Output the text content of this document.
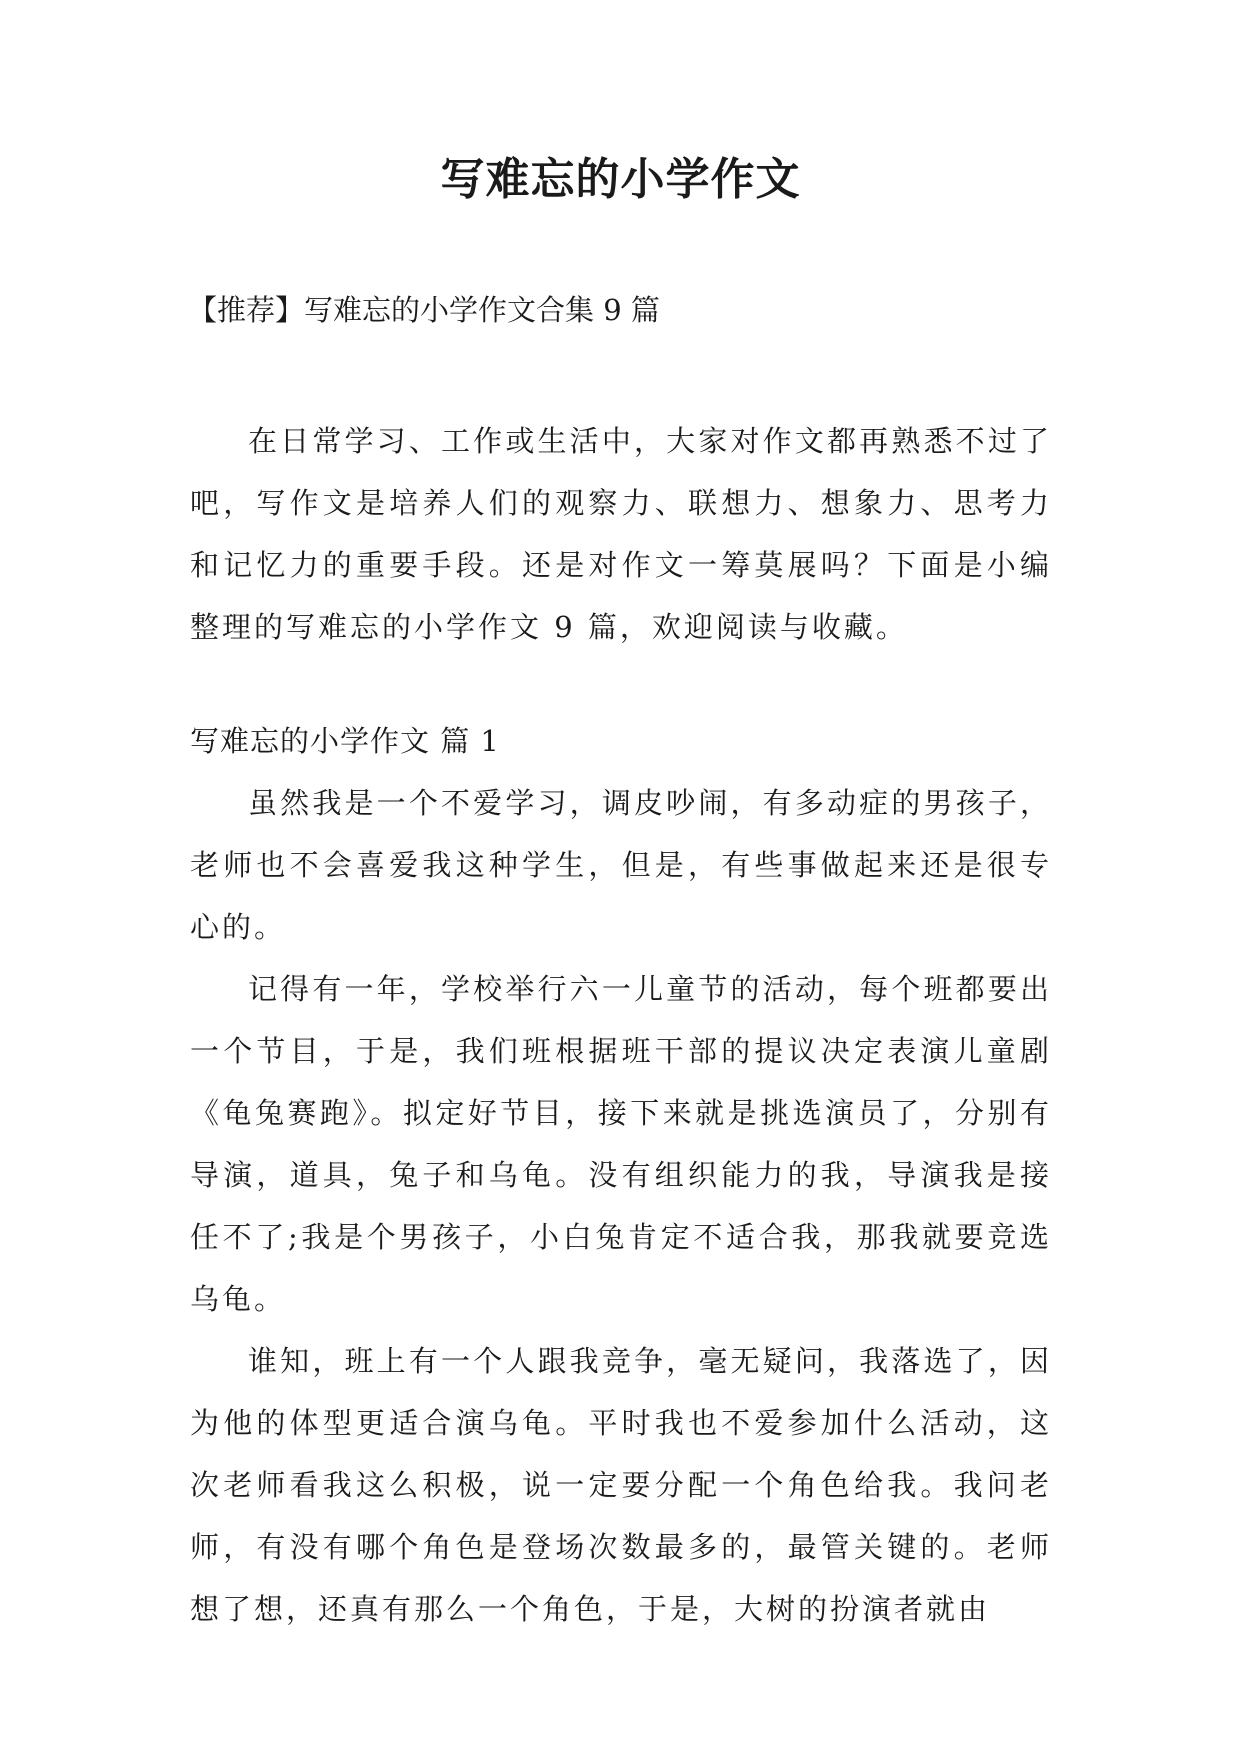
写难忘的小学作文

【推荐】写难忘的小学作文合集 9 篇

在日常学习、工作或生活中，大家对作文都再熟悉不过了吧，写作文是培养人们的观察力、联想力、想象力、思考力和记忆力的重要手段。还是对作文一筹莫展吗？下面是小编整理的写难忘的小学作文 9 篇，欢迎阅读与收藏。

写难忘的小学作文 篇 1

虽然我是一个不爱学习，调皮吵闹，有多动症的男孩子，老师也不会喜爱我这种学生，但是，有些事做起来还是很专心的。

记得有一年，学校举行六一儿童节的活动，每个班都要出一个节目，于是，我们班根据班干部的提议决定表演儿童剧《龟兔赛跑》。拟定好节目，接下来就是挑选演员了，分别有导演，道具，兔子和乌龟。没有组织能力的我，导演我是接任不了;我是个男孩子，小白兔肯定不适合我，那我就要竞选乌龟。

谁知，班上有一个人跟我竞争，毫无疑问，我落选了，因为他的体型更适合演乌龟。平时我也不爱参加什么活动，这次老师看我这么积极，说一定要分配一个角色给我。我问老师，有没有哪个角色是登场次数最多的，最管关键的。老师想了想，还真有那么一个角色，于是，大树的扮演者就由
